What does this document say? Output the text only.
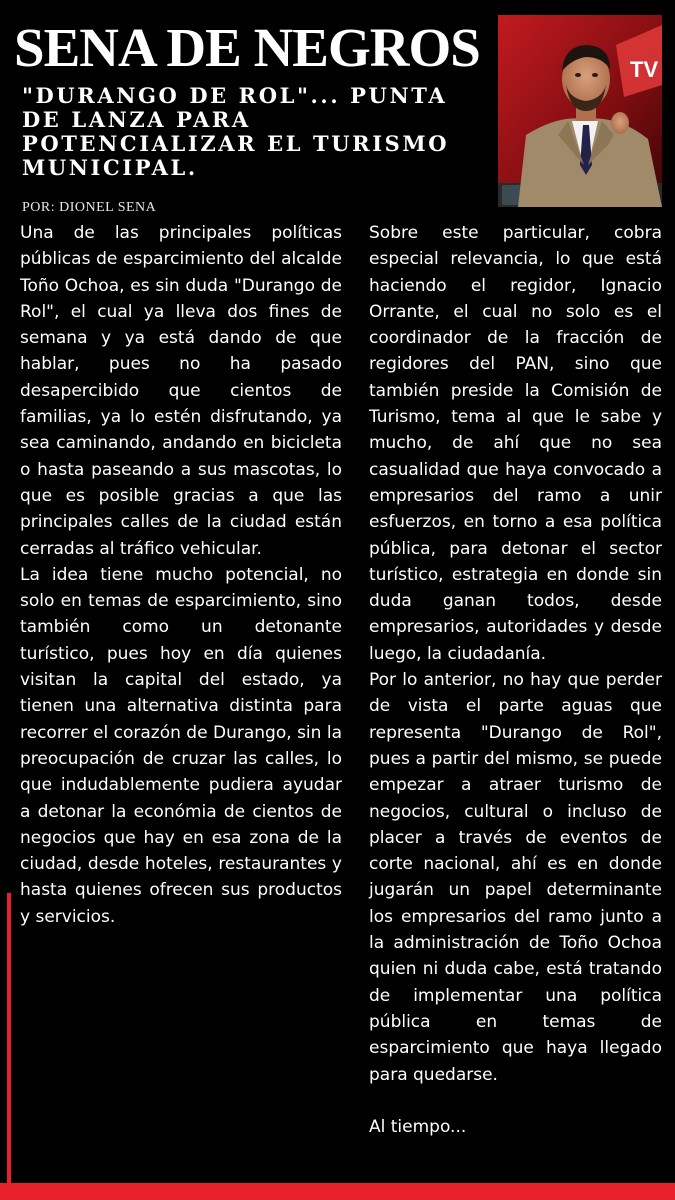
SENA DE NEGROS
"DURANGO DE ROL"... PUNTA DE LANZA PARA POTENCIALIZAR EL TURISMO MUNICIPAL.
TV
POR: DIONEL SENA

Una de las principales políticas públicas de esparcimiento del alcalde Toño Ochoa, es sin duda "Durango de Rol", el cual ya lleva dos fines de semana y ya está dando de que hablar, pues no ha pasado desapercibido que cientos de familias, ya lo estén disfrutando, ya sea caminando, andando en bicicleta o hasta paseando a sus mascotas, lo que es posible gracias a que las principales calles de la ciudad están cerradas al tráfico vehicular.

La idea tiene mucho potencial, no solo en temas de esparcimiento, sino también como un detonante turístico, pues hoy en día quienes visitan la capital del estado, ya tienen una alternativa distinta para recorrer el corazón de Durango, sin la preocupación de cruzar las calles, lo que indudablemente pudiera ayudar a detonar la económia de cientos de negocios que hay en esa zona de la ciudad, desde hoteles, restaurantes y hasta quienes ofrecen sus productos y servicios.

Sobre este particular, cobra especial relevancia, lo que está haciendo el regidor, Ignacio Orrante, el cual no solo es el coordinador de la fracción de regidores del PAN, sino que también preside la Comisión de Turismo, tema al que le sabe y mucho, de ahí que no sea casualidad que haya convocado a empresarios del ramo a unir esfuerzos, en torno a esa política pública, para detonar el sector turístico, estrategia en donde sin duda ganan todos, desde empresarios, autoridades y desde luego, la ciudadanía.

Por lo anterior, no hay que perder de vista el parte aguas que representa "Durango de Rol", pues a partir del mismo, se puede empezar a atraer turismo de negocios, cultural o incluso de placer a través de eventos de corte nacional, ahí es en donde jugarán un papel determinante los empresarios del ramo junto a la administración de Toño Ochoa quien ni duda cabe, está tratando de implementar una política pública en temas de esparcimiento que haya llegado para quedarse.

Al tiempo...
